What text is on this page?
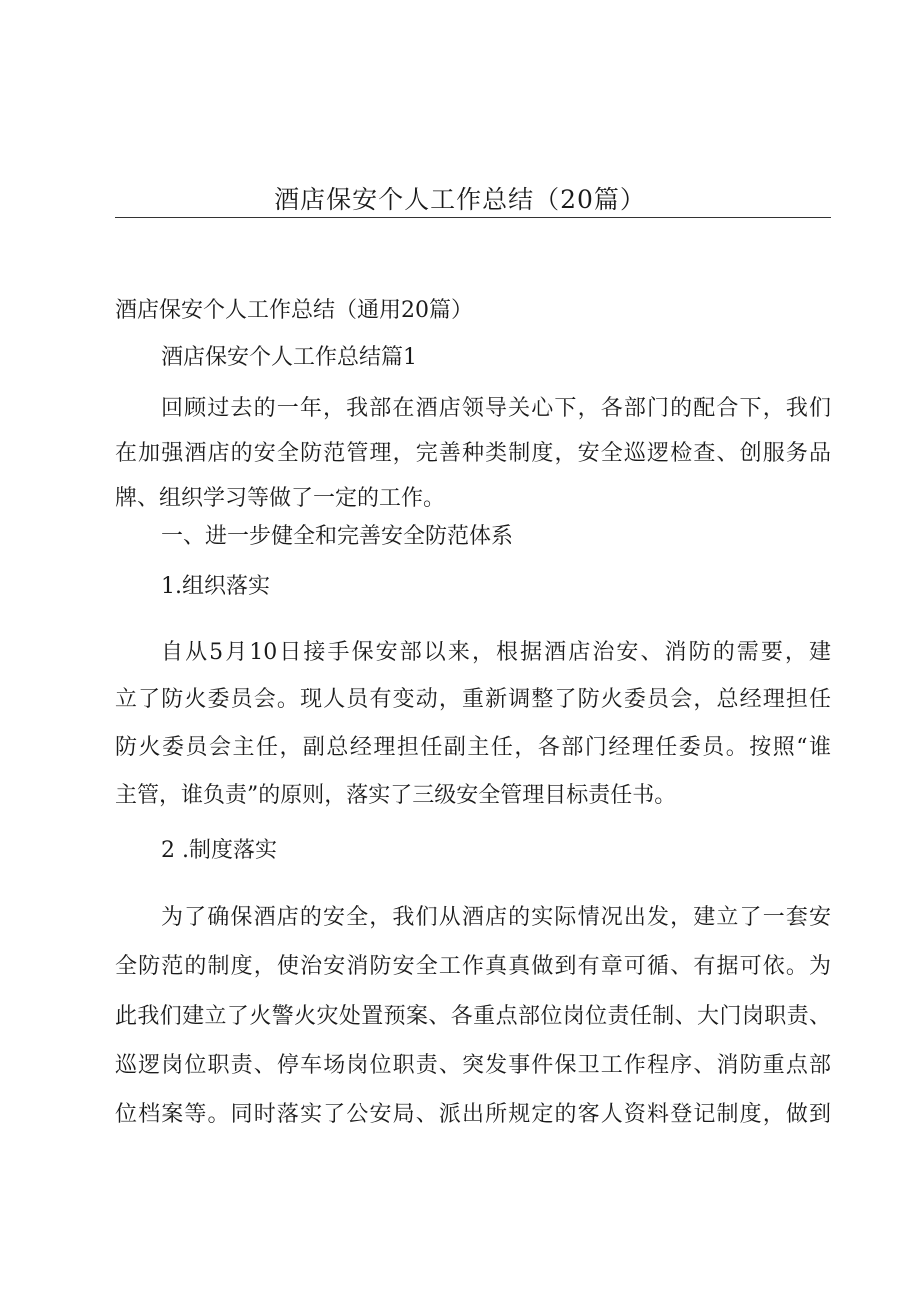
酒店保安个人工作总结（20篇）

酒店保安个人工作总结（通用20篇）

酒店保安个人工作总结篇1

回顾过去的一年，我部在酒店领导关心下，各部门的配合下，我们

在加强酒店的安全防范管理，完善种类制度，安全巡逻检查、创服务品

牌、组织学习等做了一定的工作。

一、进一步健全和完善安全防范体系

1.组织落实

自从5月10日接手保安部以来，根据酒店治安、消防的需要，建

立了防火委员会。现人员有变动，重新调整了防火委员会，总经理担任

防火委员会主任，副总经理担任副主任，各部门经理任委员。按照“谁

主管，谁负责”的原则，落实了三级安全管理目标责任书。

2 .制度落实

为了确保酒店的安全，我们从酒店的实际情况出发，建立了一套安

全防范的制度，使治安消防安全工作真真做到有章可循、有据可依。为

此我们建立了火警火灾处置预案、各重点部位岗位责任制、大门岗职责、

巡逻岗位职责、停车场岗位职责、突发事件保卫工作程序、消防重点部

位档案等。同时落实了公安局、派出所规定的客人资料登记制度，做到
